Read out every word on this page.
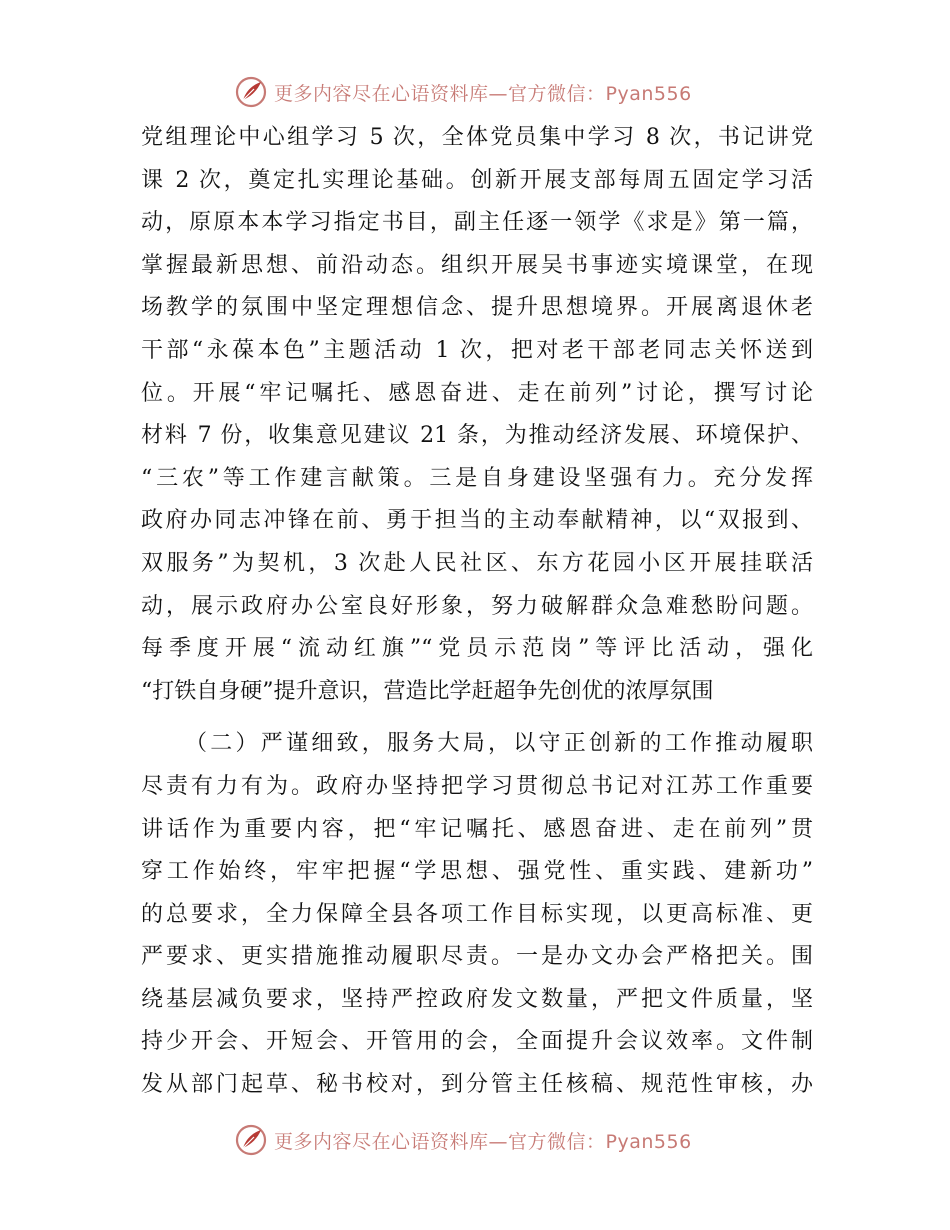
更多内容尽在心语资料库—官方微信：Pyan556
党组理论中心组学习 5 次，全体党员集中学习 8 次，书记讲党
课 2 次，奠定扎实理论基础。创新开展支部每周五固定学习活
动，原原本本学习指定书目，副主任逐一领学《求是》第一篇，
掌握最新思想、前沿动态。组织开展吴书事迹实境课堂，在现
场教学的氛围中坚定理想信念、提升思想境界。开展离退休老
干部“永葆本色”主题活动 1 次，把对老干部老同志关怀送到
位。开展“牢记嘱托、感恩奋进、走在前列”讨论，撰写讨论
材料 7 份，收集意见建议 21 条，为推动经济发展、环境保护、
“三农”等工作建言献策。三是自身建设坚强有力。充分发挥
政府办同志冲锋在前、勇于担当的主动奉献精神，以“双报到、
双服务”为契机，3 次赴人民社区、东方花园小区开展挂联活
动，展示政府办公室良好形象，努力破解群众急难愁盼问题。
每季度开展“流动红旗”“党员示范岗”等评比活动，强化
“打铁自身硬”提升意识，营造比学赶超争先创优的浓厚氛围
（二）严谨细致，服务大局，以守正创新的工作推动履职
尽责有力有为。政府办坚持把学习贯彻总书记对江苏工作重要
讲话作为重要内容，把“牢记嘱托、感恩奋进、走在前列”贯
穿工作始终，牢牢把握“学思想、强党性、重实践、建新功”
的总要求，全力保障全县各项工作目标实现，以更高标准、更
严要求、更实措施推动履职尽责。一是办文办会严格把关。围
绕基层减负要求，坚持严控政府发文数量，严把文件质量，坚
持少开会、开短会、开管用的会，全面提升会议效率。文件制
发从部门起草、秘书校对，到分管主任核稿、规范性审核，办
更多内容尽在心语资料库—官方微信：Pyan556
